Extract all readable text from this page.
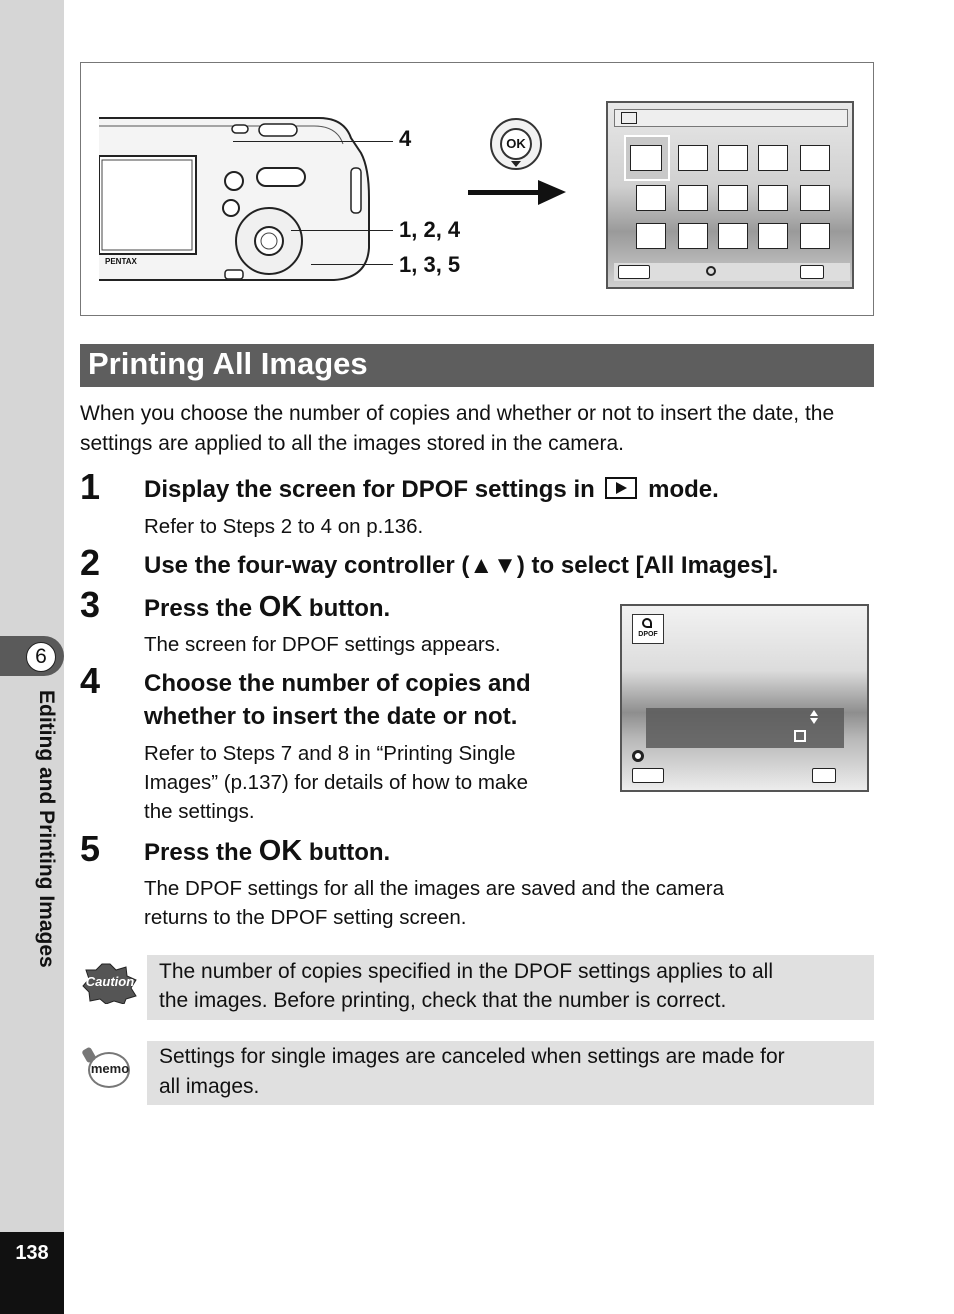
6
Editing and Printing Images
138
PENTAX
4
1, 2, 4
1, 3, 5
OK
Printing All Images
When you choose the number of copies and whether or not to insert the date, the settings are applied to all the images stored in the camera.
1 Display the screen for DPOF settings in mode.
Refer to Steps 2 to 4 on p.136.
2 Use the four-way controller (▲▼) to select [All Images].
3 Press the OK button.
The screen for DPOF settings appears.
4 Choose the number of copies and
whether to insert the date or not.
Refer to Steps 7 and 8 in “Printing Single
Images” (p.137) for details of how to make
the settings.
DPOF
5 Press the OK button.
The DPOF settings for all the images are saved and the camera
returns to the DPOF setting screen.
Caution The number of copies specified in the DPOF settings applies to all
the images. Before printing, check that the number is correct.
memo
Settings for single images are canceled when settings are made for
all images.
